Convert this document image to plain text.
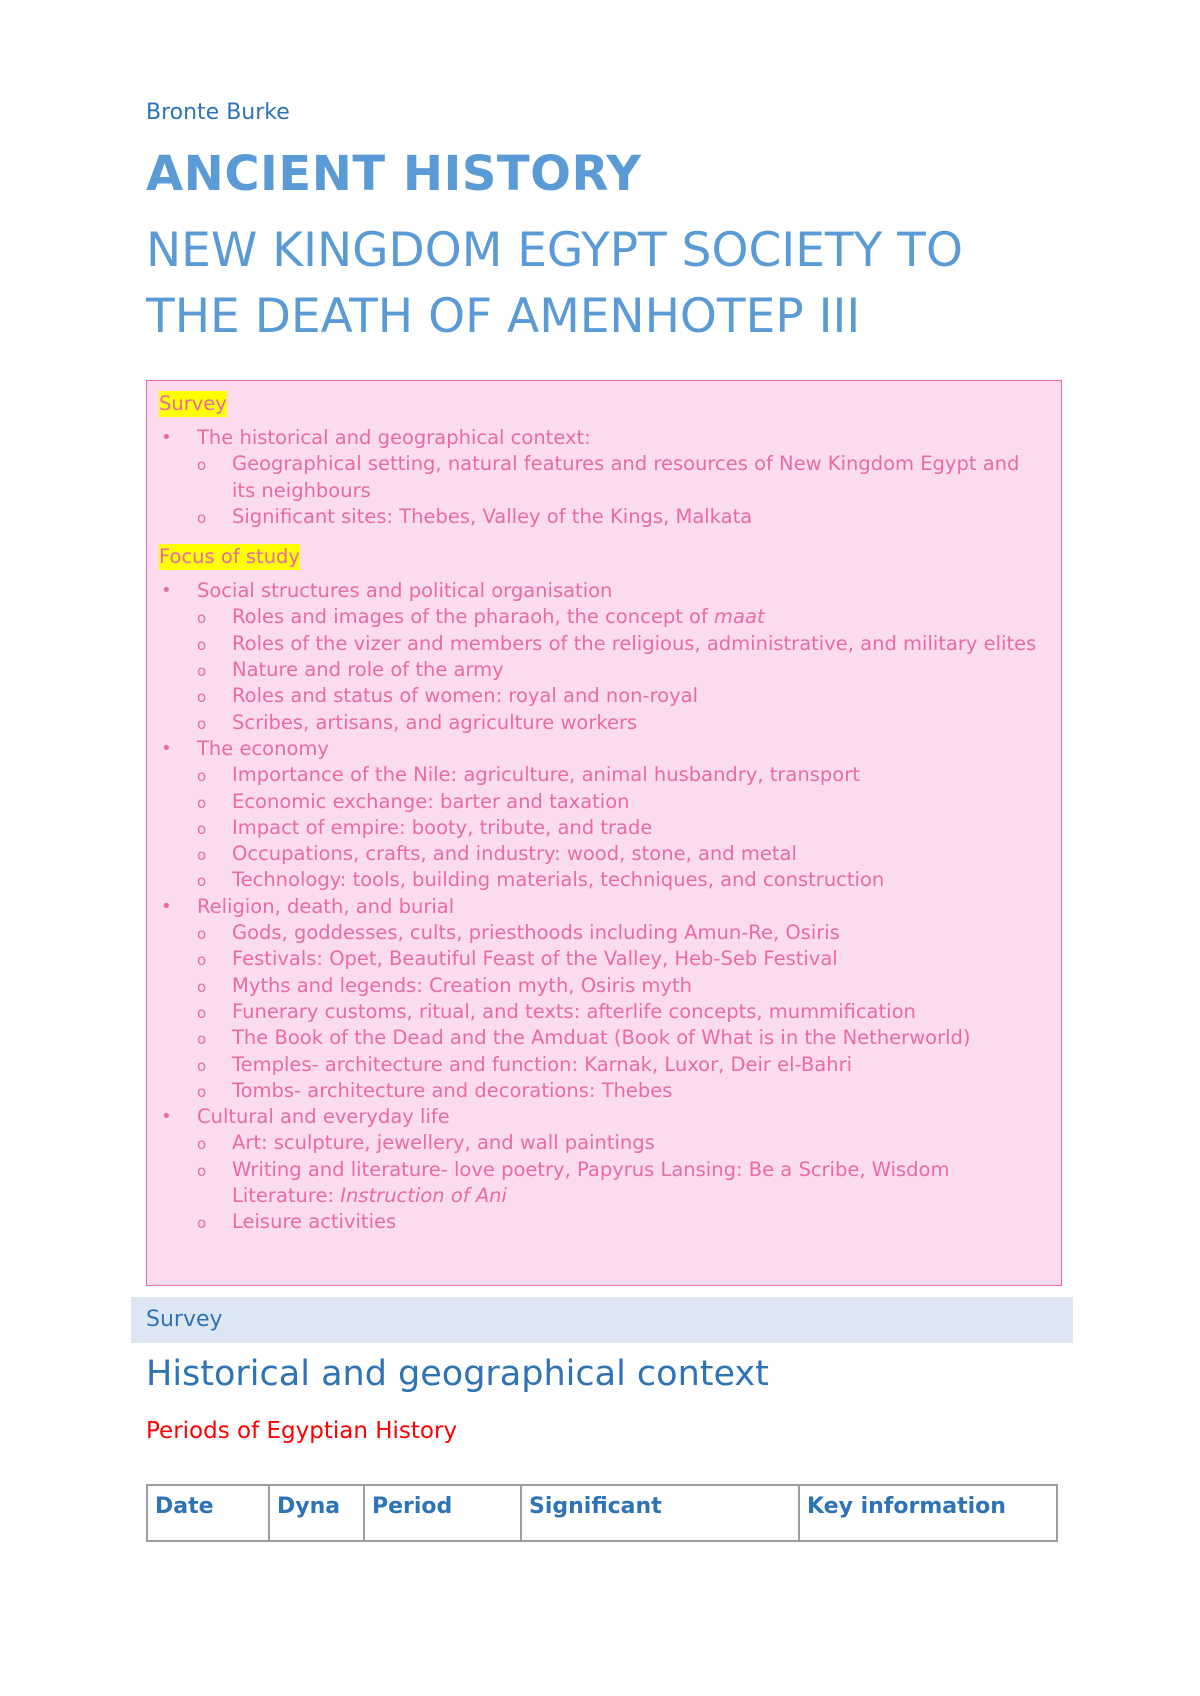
Bronte Burke
ANCIENT HISTORY
NEW KINGDOM EGYPT SOCIETY TO
THE DEATH OF AMENHOTEP III
Survey
• The historical and geographical context:
o Geographical setting, natural features and resources of New Kingdom Egypt and its neighbours
o Significant sites: Thebes, Valley of the Kings, Malkata
Focus of study
• Social structures and political organisation
o Roles and images of the pharaoh, the concept of maat
o Roles of the vizer and members of the religious, administrative, and military elites
o Nature and role of the army
o Roles and status of women: royal and non-royal
o Scribes, artisans, and agriculture workers
• The economy
o Importance of the Nile: agriculture, animal husbandry, transport
o Economic exchange: barter and taxation
o Impact of empire: booty, tribute, and trade
o Occupations, crafts, and industry: wood, stone, and metal
o Technology: tools, building materials, techniques, and construction
• Religion, death, and burial
o Gods, goddesses, cults, priesthoods including Amun-Re, Osiris
o Festivals: Opet, Beautiful Feast of the Valley, Heb-Seb Festival
o Myths and legends: Creation myth, Osiris myth
o Funerary customs, ritual, and texts: afterlife concepts, mummification
o The Book of the Dead and the Amduat (Book of What is in the Netherworld)
o Temples- architecture and function: Karnak, Luxor, Deir el-Bahri
o Tombs- architecture and decorations: Thebes
• Cultural and everyday life
o Art: sculpture, jewellery, and wall paintings
o Writing and literature- love poetry, Papyrus Lansing: Be a Scribe, Wisdom Literature: Instruction of Ani
o Leisure activities
Survey
Historical and geographical context
Periods of Egyptian History
Date	Dyna	Period	Significant	Key information
